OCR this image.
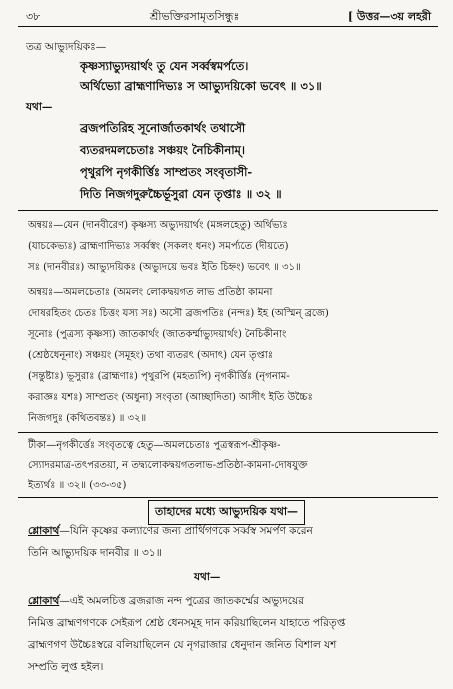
৩৮	শ্রীভক্তিরসামৃতসিন্ধুঃ	[ উত্তর—৩য় লহরী
তত্র আভ্যুদয়িকঃ—
কৃষ্ণস্যাভ্যুদয়ার্থং তু যেন সর্ব্বস্বমর্পতে।
অর্থিভ্যো ব্রাহ্মণাদিভ্যঃ স আভ্যুদয়িকো ভবেৎ ॥ ৩১॥
যথা—
ব্রজপতিরিহ সূনোর্জাতকার্থং তথাসৌ
ব্যতরদমলচেতাঃ সঞ্চয়ং নৈচিকীনাম্।
পৃথুরপি নৃগকীর্ত্তিঃ সাম্প্রতং সংবৃতাসী-
দিতি নিজগদুরুচ্চৈর্ভূসুরা যেন তৃপ্তাঃ ॥ ৩২ ॥
অন্বয়ঃ—যেন (দানবীরেণ) কৃষ্ণস্য অভ্যুদয়ার্থং (মঙ্গলহেতু) অর্থিভ্যঃ
(যাচকেভ্যঃ) ব্রাহ্মণাদিভ্যঃ সর্ব্বস্বং (সকলং ধনং) সমর্প্যতে (দীয়তে)
সঃ (দানবীরঃ) আভ্যুদয়িকঃ (অভ্যুদয়ে ভবঃ ইতি চিহ্নং) ভবেৎ ॥ ৩১॥
অন্বয়ঃ—অমলচেতাঃ (অমলং লোকদ্বয়গত লাভ প্রতিষ্ঠা কামনা
দোষরহিতং চেতঃ চিত্তং যস্য সঃ) অসৌ ব্রজপতিঃ (নন্দঃ) ইহ (অস্মিন্ ব্রজে)
সূনোঃ (পুত্রস্য কৃষ্ণস্য) জাতকার্থং (জাতকর্ম্মাভ্যুদয়ার্থং) নৈচিকীনাং
(শ্রেষ্ঠধেনূনাং) সঞ্চয়ং (সমূহং) তথা ব্যতরৎ (অদাৎ) যেন তৃপ্তাঃ
(সন্তুষ্টাঃ) ভূসুরাঃ (ব্রাহ্মণাঃ) পৃথুরপি (মহত্যপি) নৃগকীর্ত্তিঃ (নৃগনাম-
করাজ্ঞঃ যশঃ) সাম্প্রতং (অধুনা) সংবৃতা (আচ্ছাদিতা) আসীৎ ইতি উচ্চৈঃ
নিজগদুঃ (কথিতবন্তঃ) ॥ ৩২॥
টীকা—নৃগকীর্ত্তেঃ সংবৃতত্বে হেতু—অমলচেতাঃ পুত্রস্বরূপ-শ্রীকৃষ্ণ-
স্যোদরমাত্র-তৎপরতয়া, ন তদ্ব্যলোকদ্বয়গতলাভ-প্রতিষ্ঠা-কামনা-দোষযুক্ত
ইত্যর্থঃ ॥ ৩২॥ (৩৩-৩৫)
তাহাদের মধ্যে আভ্যুদয়িক যথা—
শ্লোকার্থ—যিনি কৃষ্ণের কল্যাণের জন্য প্রার্থিগণকে সর্ব্বস্ব সমর্পণ করেন
তিনি আভ্যুদয়িক দানবীর ॥ ৩১॥
যথা—
শ্লোকার্থ—এই অমলচিত্ত ব্রজরাজ নন্দ পুত্রের জাতকর্ম্মের অভ্যুদয়ের
নিমিত্ত ব্রাহ্মণগণকে সেইরূপ শ্রেষ্ঠ ধেনসমূহ দান করিয়াছিলেন যাহাতে পরিতৃপ্ত
ব্রাহ্মণগণ উচ্চৈঃস্বরে বলিয়াছিলেন যে নৃগরাজার ধেনুদান জনিত বিশাল যশ
সম্প্রতি লুপ্ত হইল।
